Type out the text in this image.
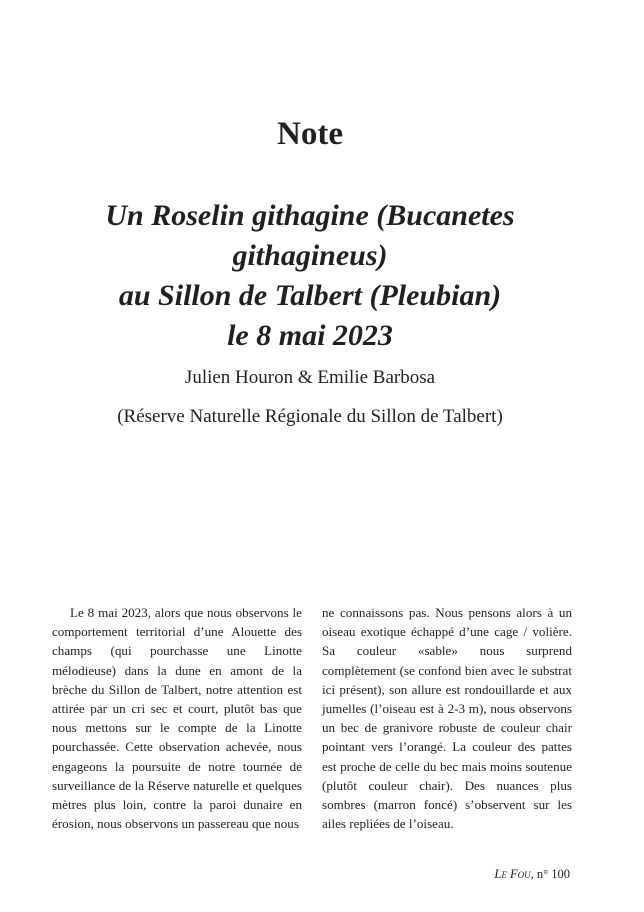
Note
Un Roselin githagine (Bucanetes githagineus)
au Sillon de Talbert (Pleubian)
le 8 mai 2023

Julien Houron & Emilie Barbosa

(Réserve Naturelle Régionale du Sillon de Talbert)

Le 8 mai 2023, alors que nous observons le comportement territorial d’une Alouette des champs (qui pourchasse une Linotte mélodieuse) dans la dune en amont de la brèche du Sillon de Talbert, notre attention est attirée par un cri sec et court, plutôt bas que nous mettons sur le compte de la Linotte pourchassée. Cette observation achevée, nous engageons la poursuite de notre tournée de surveillance de la Réserve naturelle et quelques mètres plus loin, contre la paroi dunaire en érosion, nous observons un passereau que nous

ne connaissons pas. Nous pensons alors à un oiseau exotique échappé d’une cage / volière. Sa couleur «sable» nous surprend complètement (se confond bien avec le substrat ici présent), son allure est rondouillarde et aux jumelles (l’oiseau est à 2-3 m), nous observons un bec de granivore robuste de couleur chair pointant vers l’orangé. La couleur des pattes est proche de celle du bec mais moins soutenue (plutôt couleur chair). Des nuances plus sombres (marron foncé) s’observent sur les ailes repliées de l’oiseau.

Le Fou, n° 100
